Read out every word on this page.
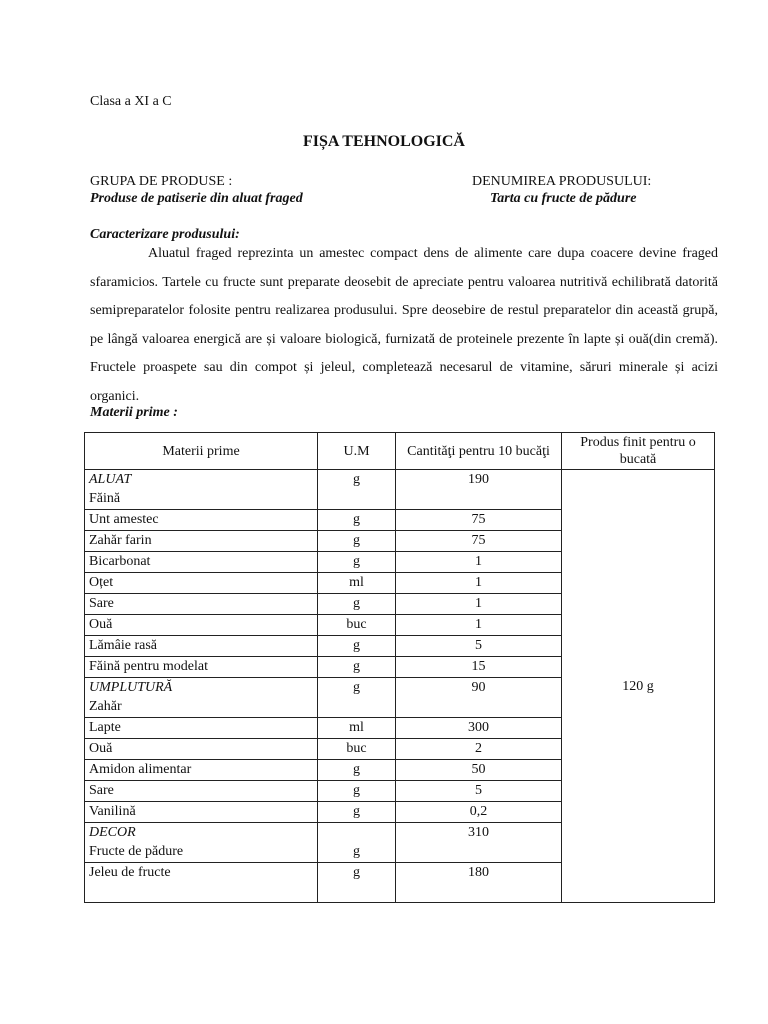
Clasa a XI a C
FIȘA TEHNOLOGICĂ
GRUPA DE PRODUSE :
Produse de patiserie din aluat fraged
DENUMIREA PRODUSULUI:
Tarta cu fructe de pădure
Caracterizare produsului:
Aluatul fraged reprezinta un amestec compact dens de alimente care dupa coacere devine fraged sfaramicios. Tartele cu fructe sunt preparate deosebit de apreciate pentru valoarea nutritivă echilibrată datorită semipreparatelor folosite pentru realizarea produsului. Spre deosebire de restul preparatelor din această grupă, pe lângă valoarea energică are și valoare biologică, furnizată de proteinele prezente în lapte și ouă(din cremă). Fructele proaspete sau din compot și jeleul, completează necesarul de vitamine, săruri minerale și acizi organici.
Materii prime :
Materii prime	U.M	Cantităţi pentru 10 bucăţi	Produs finit pentru o bucată

ALUAT
Făină	g	190	120 g
Unt amestec	g	75	
Zahăr farin	g	75	
Bicarbonat	g	1	
Oțet	ml	1	
Sare	g	1	
Ouă	buc	1	
Lămâie rasă	g	5	
Făină pentru modelat	g	15	

UMPLUTURĂ
Zahăr	g	90	
Lapte	ml	300	
Ouă	buc	2	
Amidon alimentar	g	50	
Sare	g	5	
Vanilină	g	0,2	

DECOR
Fructe de pădure	g	310	
Jeleu de fructe	g	180	
